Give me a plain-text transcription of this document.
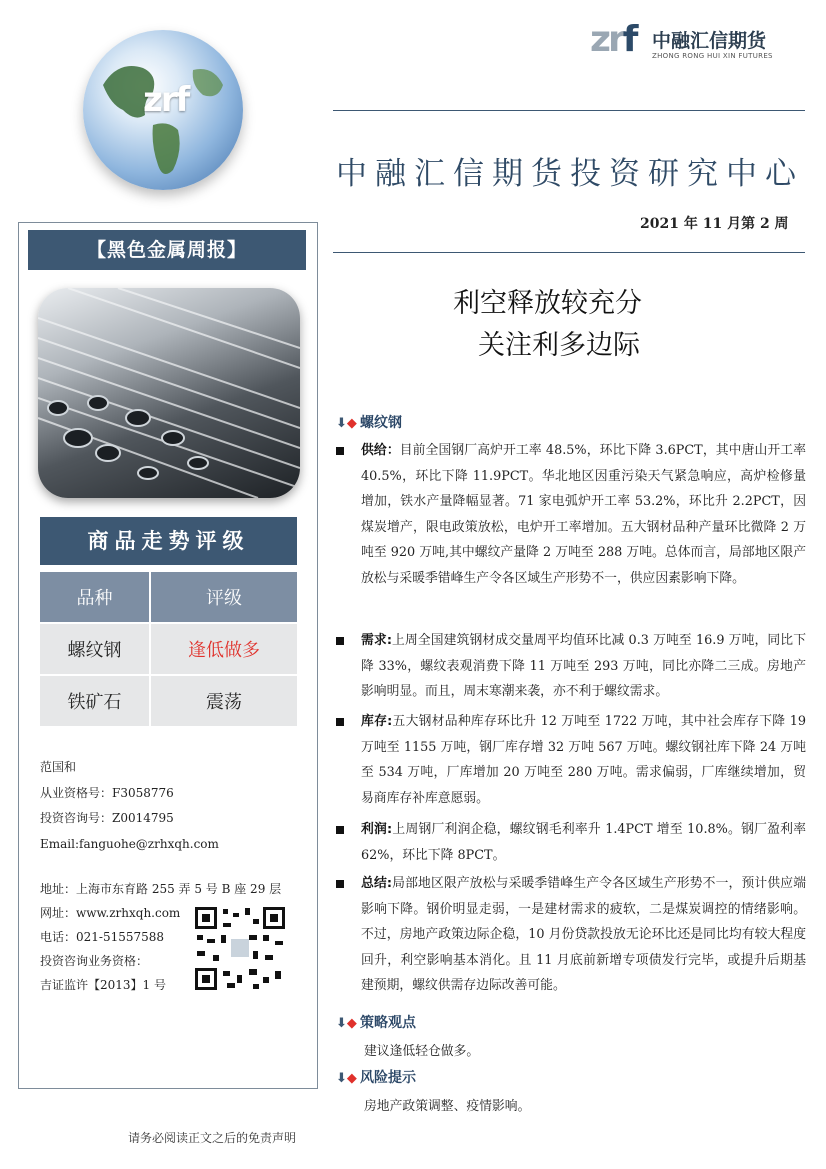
zrf
zrf 中融汇信期货
ZHONG RONG HUI XIN FUTURES
中融汇信期货投资研究中心
2021 年 11 月第 2 周
【黑色金属周报】
商品走势评级
品种	评级
螺纹钢	逢低做多
铁矿石	震荡
范国和
从业资格号：F3058776
投资咨询号：Z0014795
Email:fanguohe@zrhxqh.com
地址：上海市东育路 255 弄 5 号 B 座 29 层
网址：www.zrhxqh.com
电话：021-51557588
投资咨询业务资格：
吉证监许【2013】1 号
利空释放较充分
关注利多边际
⬇◆ 螺纹钢
供给：目前全国钢厂高炉开工率 48.5%，环比下降 3.6PCT，其中唐山开工率 40.5%，环比下降 11.9PCT。华北地区因重污染天气紧急响应，高炉检修量增加，铁水产量降幅显著。71 家电弧炉开工率 53.2%，环比升 2.2PCT，因煤炭增产，限电政策放松，电炉开工率增加。五大钢材品种产量环比微降 2 万吨至 920 万吨,其中螺纹产量降 2 万吨至 288 万吨。总体而言，局部地区限产放松与采暖季错峰生产令各区域生产形势不一，供应因素影响下降。
需求:上周全国建筑钢材成交量周平均值环比减 0.3 万吨至 16.9 万吨，同比下降 33%，螺纹表观消费下降 11 万吨至 293 万吨，同比亦降二三成。房地产影响明显。而且，周末寒潮来袭，亦不利于螺纹需求。
库存:五大钢材品种库存环比升 12 万吨至 1722 万吨，其中社会库存下降 19 万吨至 1155 万吨，钢厂库存增 32 万吨 567 万吨。螺纹钢社库下降 24 万吨至 534 万吨，厂库增加 20 万吨至 280 万吨。需求偏弱，厂库继续增加，贸易商库存补库意愿弱。
利润:上周钢厂利润企稳，螺纹钢毛利率升 1.4PCT 增至 10.8%。钢厂盈利率 62%，环比下降 8PCT。
总结:局部地区限产放松与采暖季错峰生产令各区域生产形势不一，预计供应端影响下降。钢价明显走弱，一是建材需求的疲软，二是煤炭调控的情绪影响。不过，房地产政策边际企稳，10 月份贷款投放无论环比还是同比均有较大程度回升，利空影响基本消化。且 11 月底前新增专项债发行完毕，或提升后期基建预期，螺纹供需存边际改善可能。
⬇◆ 策略观点
建议逢低轻仓做多。
⬇◆ 风险提示
房地产政策调整、疫情影响。
请务必阅读正文之后的免责声明
